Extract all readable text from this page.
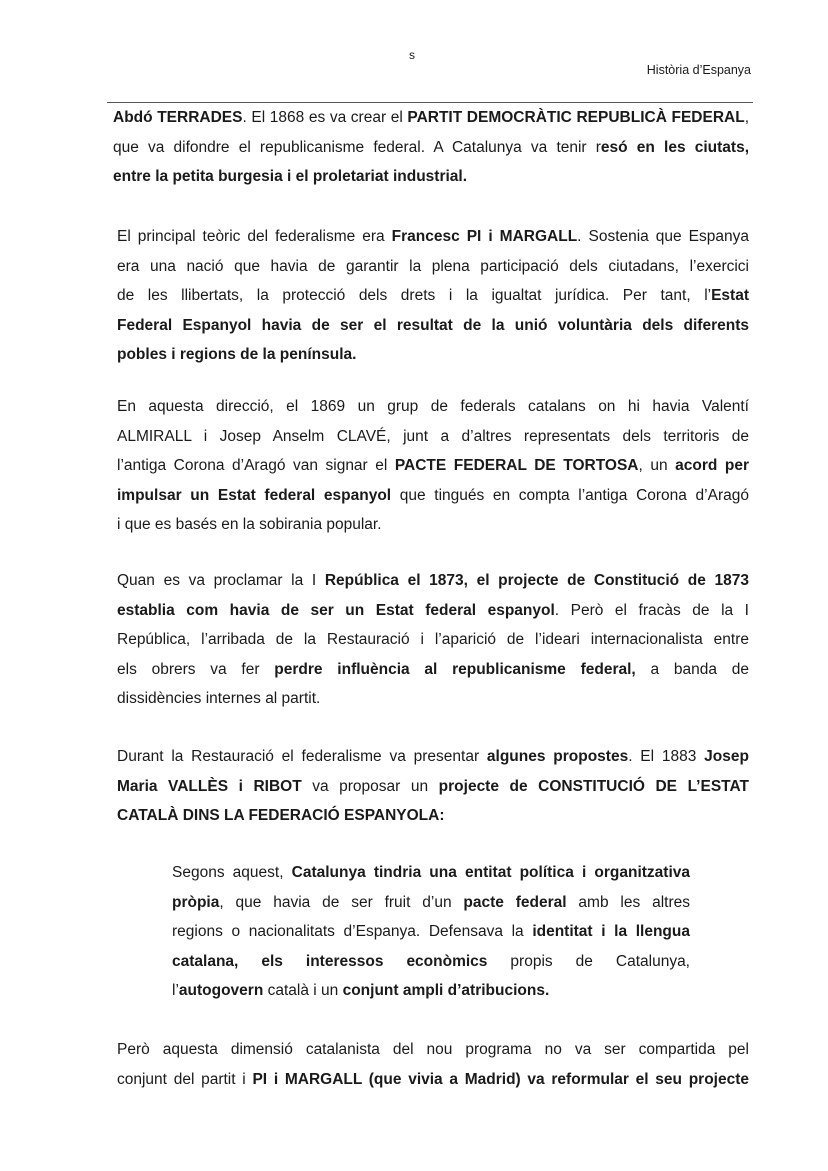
s
Història d’Espanya
Abdó TERRADES. El 1868 es va crear el PARTIT DEMOCRÀTIC REPUBLICÀ FEDERAL,
que va difondre el republicanisme federal. A Catalunya va tenir resó en les ciutats,
entre la petita burgesia i el proletariat industrial.
El principal teòric del federalisme era Francesc PI i MARGALL. Sostenia que Espanya
era una nació que havia de garantir la plena participació dels ciutadans, l’exercici
de les llibertats, la protecció dels drets i la igualtat jurídica. Per tant, l’Estat
Federal Espanyol havia de ser el resultat de la unió voluntària dels diferents
pobles i regions de la península.
En aquesta direcció, el 1869 un grup de federals catalans on hi havia Valentí
ALMIRALL i Josep Anselm CLAVÉ, junt a d’altres representats dels territoris de
l’antiga Corona d’Aragó van signar el PACTE FEDERAL DE TORTOSA, un acord per
impulsar un Estat federal espanyol que tingués en compta l’antiga Corona d’Aragó
i que es basés en la sobirania popular.
Quan es va proclamar la I República el 1873, el projecte de Constitució de 1873
establia com havia de ser un Estat federal espanyol. Però el fracàs de la I
República, l’arribada de la Restauració i l’aparició de l’ideari internacionalista entre
els obrers va fer perdre influència al republicanisme federal, a banda de
dissidències internes al partit.
Durant la Restauració el federalisme va presentar algunes propostes. El 1883 Josep
Maria VALLÈS i RIBOT va proposar un projecte de CONSTITUCIÓ DE L’ESTAT
CATALÀ DINS LA FEDERACIÓ ESPANYOLA:
Segons aquest, Catalunya tindria una entitat política i organitzativa
pròpia, que havia de ser fruit d’un pacte federal amb les altres
regions o nacionalitats d’Espanya. Defensava la identitat i la llengua
catalana, els interessos econòmics propis de Catalunya,
l’autogovern català i un conjunt ampli d’atribucions.
Però aquesta dimensió catalanista del nou programa no va ser compartida pel
conjunt del partit i PI i MARGALL (que vivia a Madrid) va reformular el seu projecte
